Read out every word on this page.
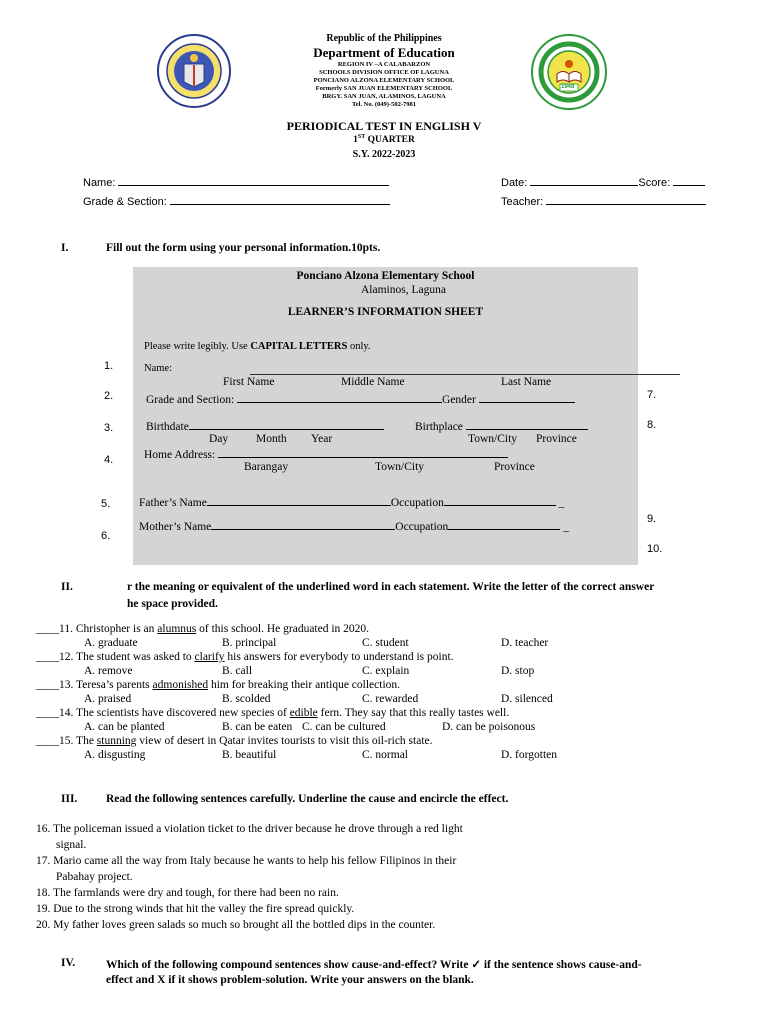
1948
Republic of the Philippines
Department of Education
REGION IV –A CALABARZON
SCHOOLS DIVISION OFFICE OF LAGUNA
PONCIANO ALZONA ELEMENTARY SCHOOL
Formerly SAN JUAN ELEMENTARY SCHOOL
BRGY. SAN JUAN, ALAMINOS, LAGUNA
Tel. No. (049)-502-7981
PERIODICAL TEST IN ENGLISH V
1ST QUARTER
S.Y. 2022-2023
Name:	Date:	Score:
Grade & Section:	Teacher:
I.	Fill out the form using your personal information.10pts.
Ponciano Alzona Elementary School
Alaminos, Laguna
LEARNER’S INFORMATION SHEET
Please write legibly. Use CAPITAL LETTERS only.
Name:
First Name	Middle Name	Last Name
Grade and Section:	Gender
Birthdate	Birthplace
Day Month Year	Town/City Province
Home Address:
Barangay	Town/City	Province
Father’s Name	Occupation	_
Mother’s Name	Occupation	_
1.
2.
3.
4.
5.
6.
7.
8.
9.
10.
II.	r the meaning or equivalent of the underlined word in each statement. Write the letter of the correct answer
he space provided.
____11. Christopher is an alumnus of this school. He graduated in 2020.
A. graduate	B. principal	C. student	D. teacher
____12. The student was asked to clarify his answers for everybody to understand is point.
A. remove	B. call	C. explain	D. stop
____13. Teresa’s parents admonished him for breaking their antique collection.
A. praised	B. scolded	C. rewarded	D. silenced
____14. The scientists have discovered new species of edible fern. They say that this really tastes well.
A. can be planted	B. can be eaten C. can be cultured	D. can be poisonous
____15. The stunning view of desert in Qatar invites tourists to visit this oil-rich state.
A. disgusting	B. beautiful	C. normal	D. forgotten
III. Read the following sentences carefully. Underline the cause and encircle the effect.
16. The policeman issued a violation ticket to the driver because he drove through a red light
signal.
17. Mario came all the way from Italy because he wants to help his fellow Filipinos in their
Pabahay project.
18. The farmlands were dry and tough, for there had been no rain.
19. Due to the strong winds that hit the valley the fire spread quickly.
20. My father loves green salads so much so brought all the bottled dips in the counter.
IV.	Which of the following compound sentences show cause-and-effect? Write ✓ if the sentence shows cause-and-
effect and X if it shows problem-solution. Write your answers on the blank.
